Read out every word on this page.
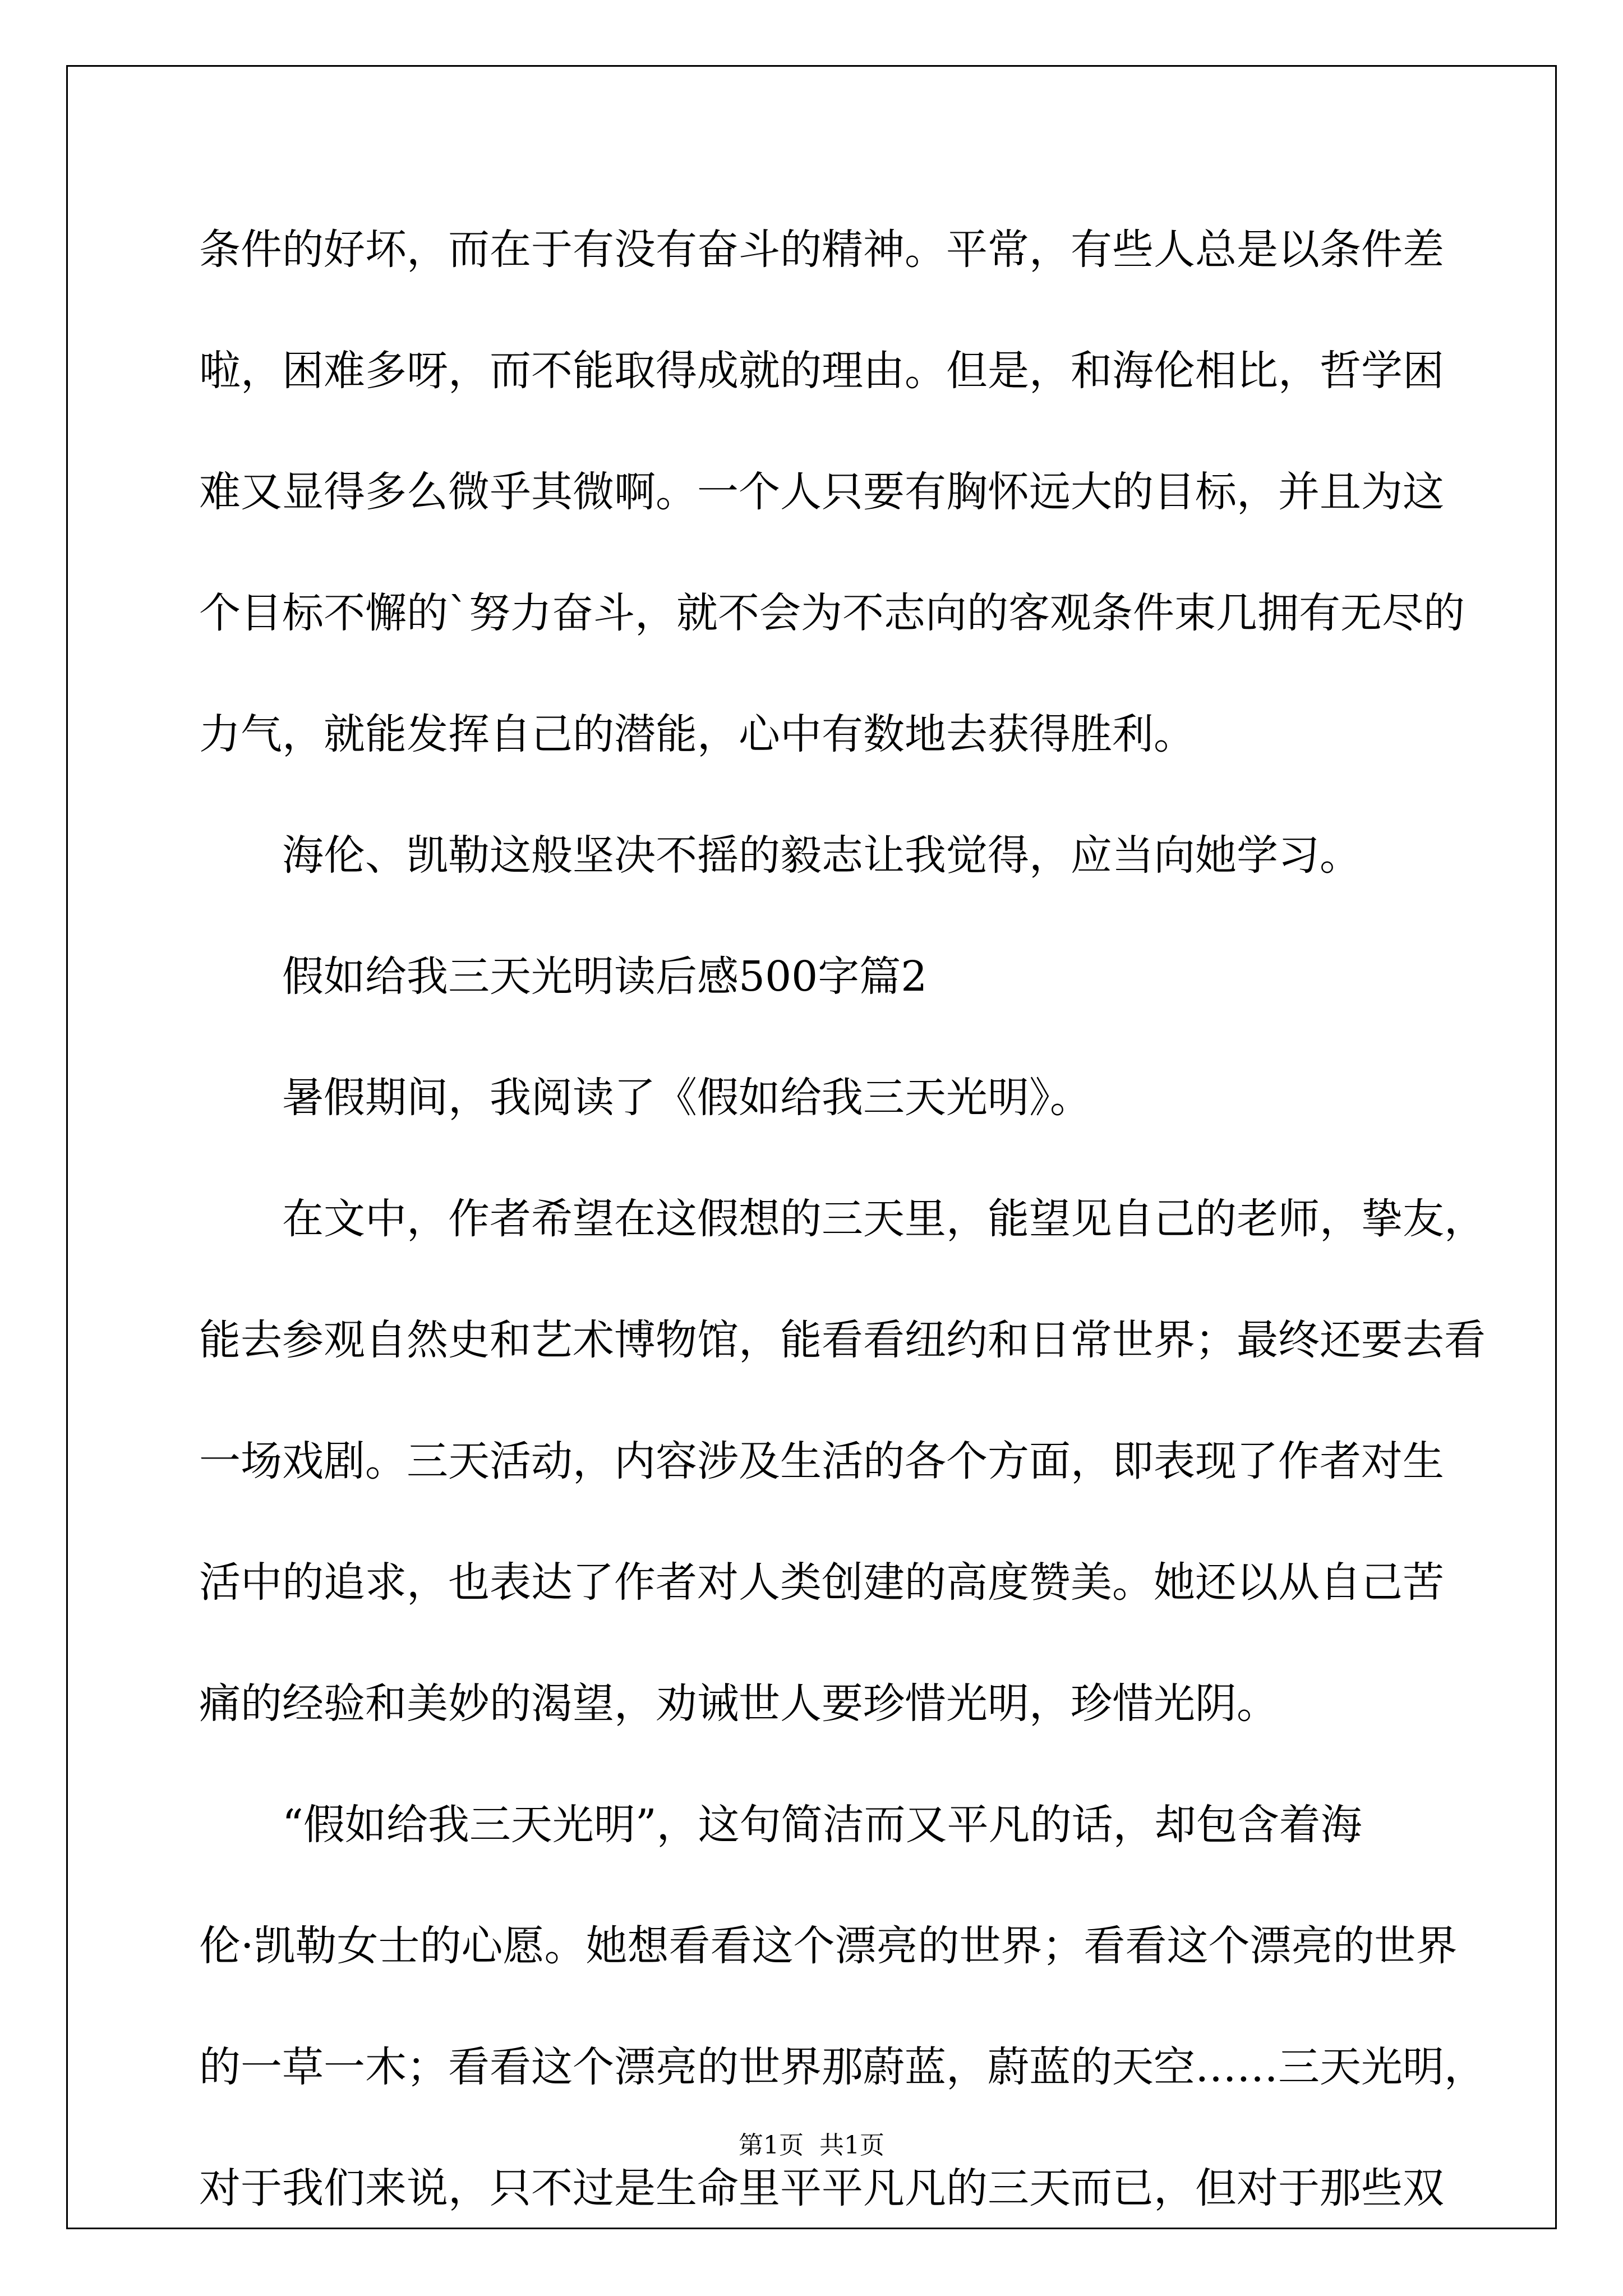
条件的好坏，而在于有没有奋斗的精神。平常，有些人总是以条件差
啦，困难多呀，而不能取得成就的理由。但是，和海伦相比，哲学困
难又显得多么微乎其微啊。一个人只要有胸怀远大的目标，并且为这
个目标不懈的`努力奋斗，就不会为不志向的客观条件束几拥有无尽的
力气，就能发挥自己的潜能，心中有数地去获得胜利。
海伦、凯勒这般坚决不摇的毅志让我觉得，应当向她学习。
假如给我三天光明读后感500字篇2
暑假期间，我阅读了《假如给我三天光明》。
在文中，作者希望在这假想的三天里，能望见自己的老师，挚友，
能去参观自然史和艺术博物馆，能看看纽约和日常世界；最终还要去看
一场戏剧。三天活动，内容涉及生活的各个方面，即表现了作者对生
活中的追求，也表达了作者对人类创建的高度赞美。她还以从自己苦
痛的经验和美妙的渴望，劝诫世人要珍惜光明，珍惜光阴。
“假如给我三天光明”，这句简洁而又平凡的话，却包含着海
伦·凯勒女士的心愿。她想看看这个漂亮的世界；看看这个漂亮的世界
的一草一木；看看这个漂亮的世界那蔚蓝，蔚蓝的天空……三天光明，
对于我们来说，只不过是生命里平平凡凡的三天而已，但对于那些双
第1页  共1页
